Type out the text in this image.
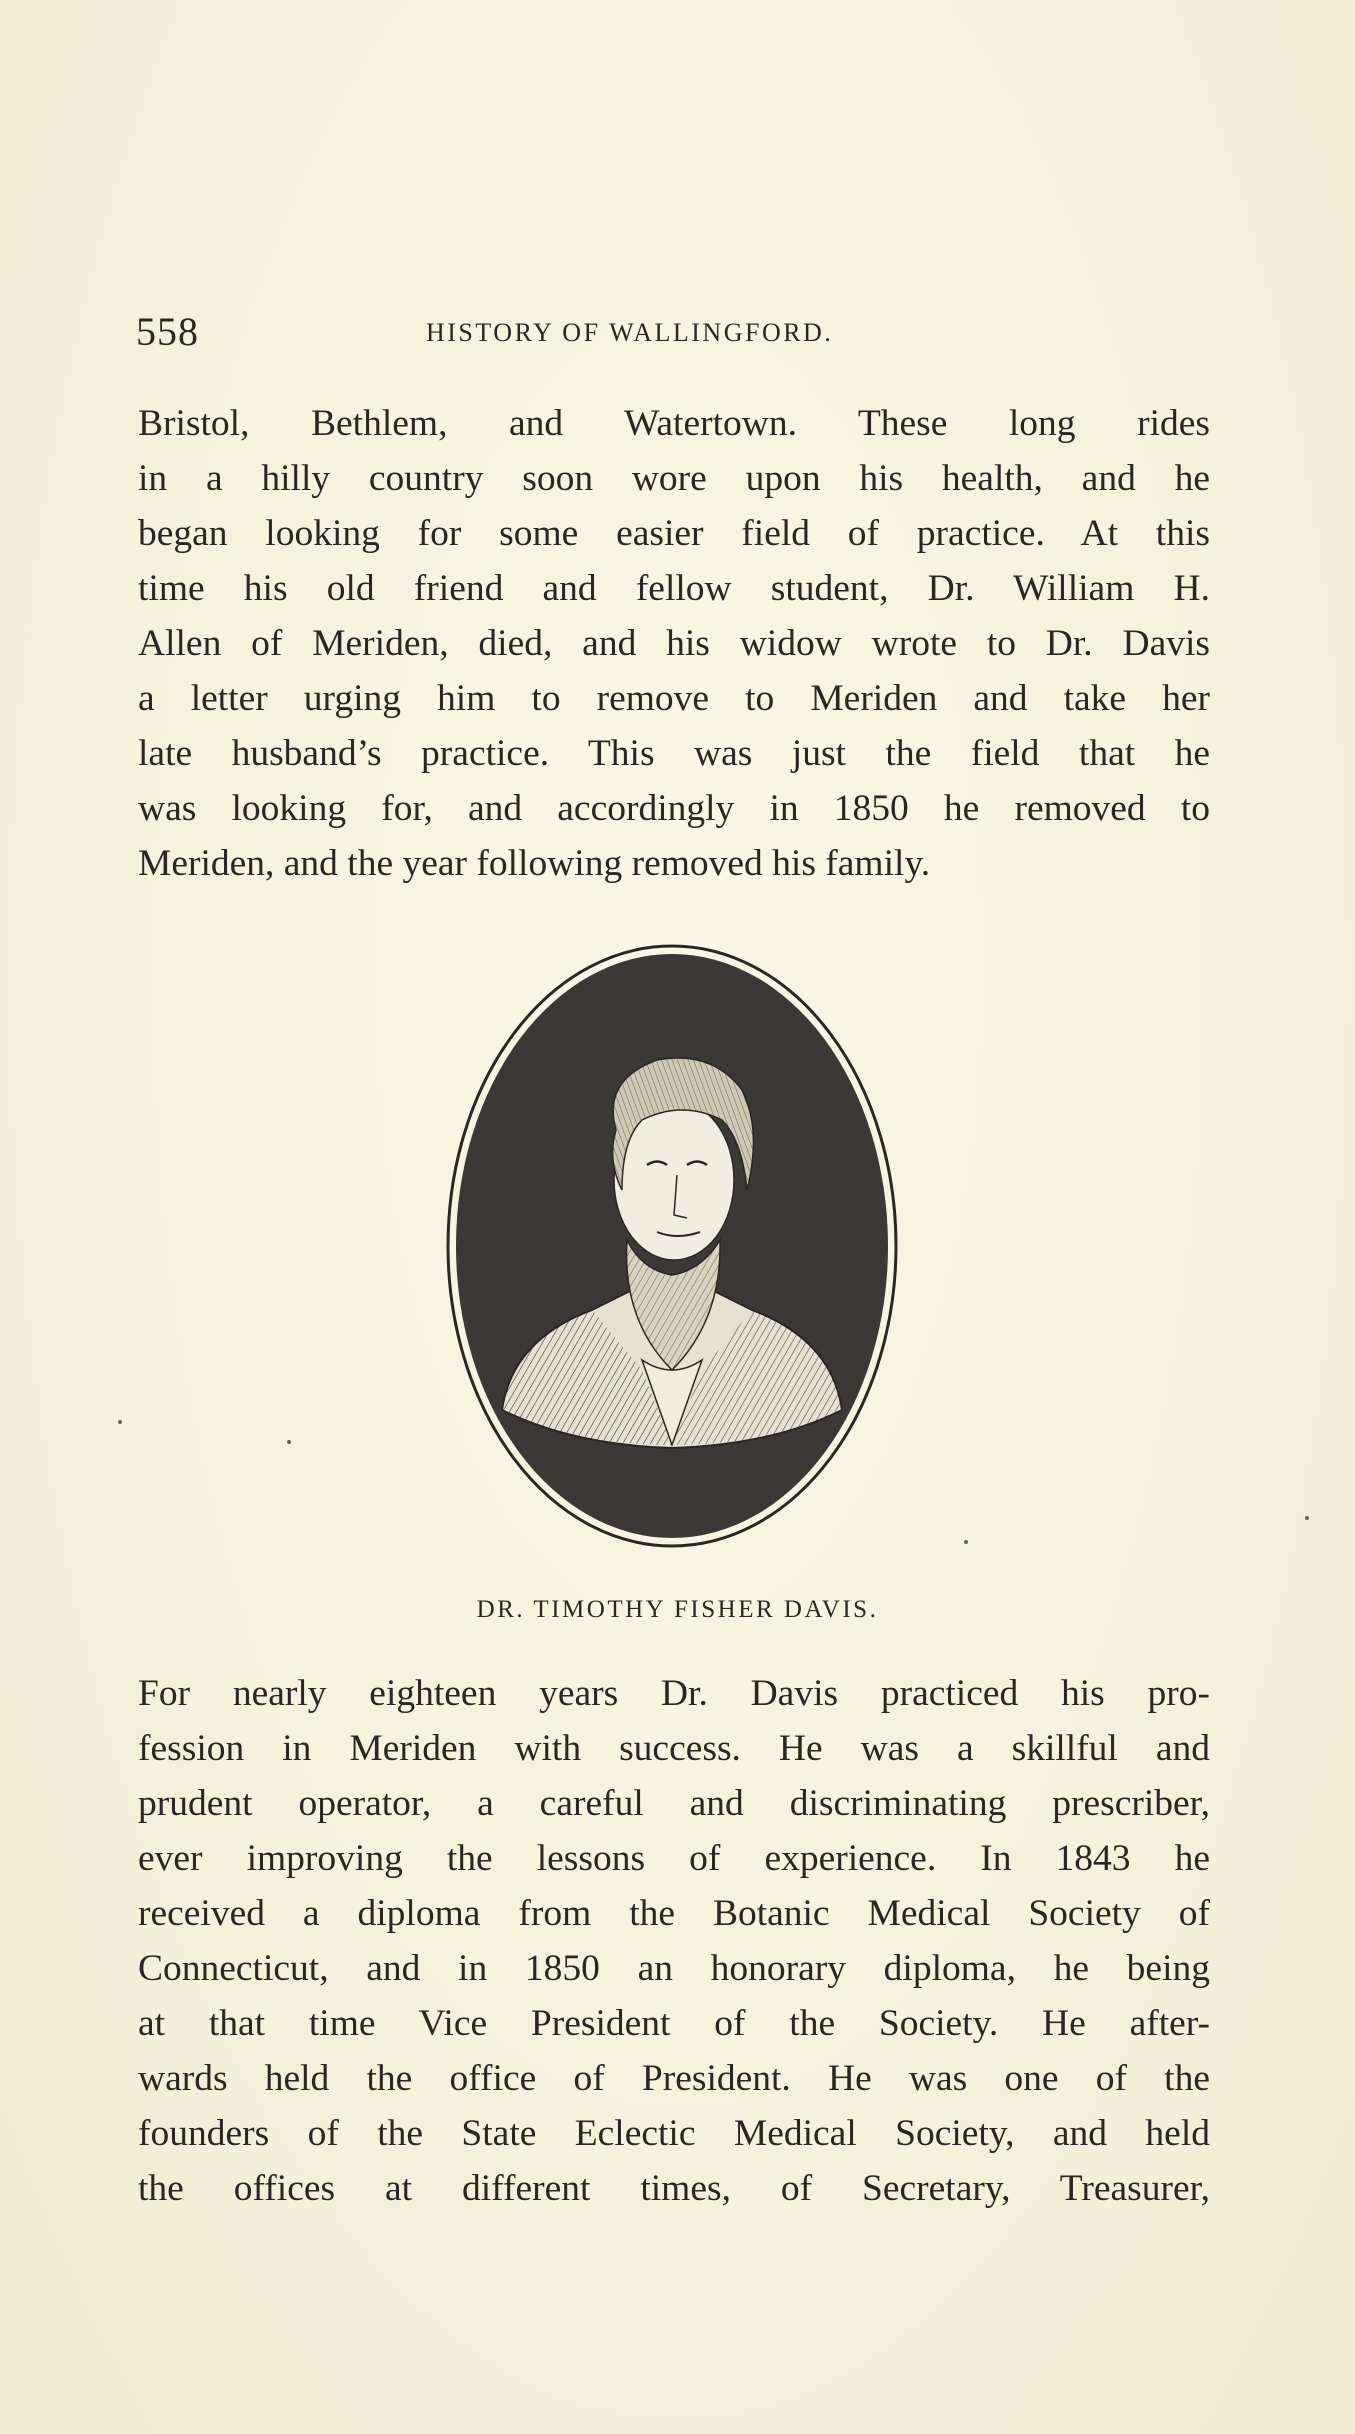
558	HISTORY OF WALLINGFORD.
Bristol, Bethlem, and Watertown. These long rides
in a hilly country soon wore upon his health, and he
began looking for some easier field of practice. At this
time his old friend and fellow student, Dr. William H.
Allen of Meriden, died, and his widow wrote to Dr. Davis
a letter urging him to remove to Meriden and take her
late husband’s practice. This was just the field that he
was looking for, and accordingly in 1850 he removed to
Meriden, and the year following removed his family.
DR. TIMOTHY FISHER DAVIS.
For nearly eighteen years Dr. Davis practiced his pro-
fession in Meriden with success. He was a skillful and
prudent operator, a careful and discriminating prescriber,
ever improving the lessons of experience. In 1843 he
received a diploma from the Botanic Medical Society of
Connecticut, and in 1850 an honorary diploma, he being
at that time Vice President of the Society. He after-
wards held the office of President. He was one of the
founders of the State Eclectic Medical Society, and held
the offices at different times, of Secretary, Treasurer,
